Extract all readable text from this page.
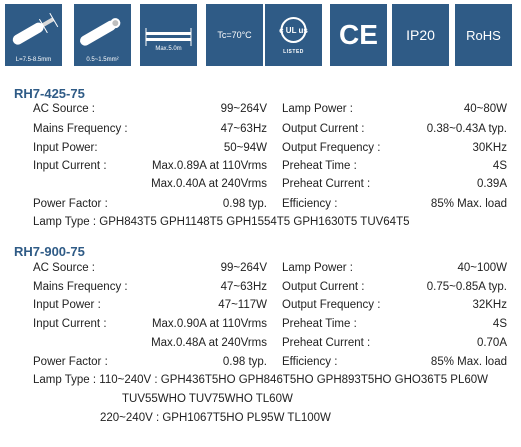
L=7.5-8.5mm	0.5~1.5mm²
Max.5.0m
Tc=70°C	c UL us
LISTED
CE	IP20	RoHS
RH7-425-75
AC Source :	99~264V Lamp Power :	40~80W
Mains Frequency :	47~63Hz Output Current :	0.38~0.43A typ.
Input Power:	50~94W Output Frequency :	30KHz
Input Current :	Max.0.89A at 110Vrms Preheat Time :	4S
Max.0.40A at 240Vrms Preheat Current :	0.39A
Power Factor :	0.98 typ. Efficiency :	85% Max. load
Lamp Type : GPH843T5 GPH1148T5 GPH1554T5 GPH1630T5 TUV64T5
RH7-900-75
AC Source :	99~264V Lamp Power :	40~100W
Mains Frequency :	47~63Hz Output Current :	0.75~0.85A typ.
Input Power :	47~117W Output Frequency :	32KHz
Input Current :	Max.0.90A at 110Vrms Preheat Time :	4S
Max.0.48A at 240Vrms Preheat Current :	0.70A
Power Factor :	0.98 typ. Efficiency :	85% Max. load
Lamp Type : 110~240V : GPH436T5HO GPH846T5HO GPH893T5HO GHO36T5 PL60W
TUV55WHO TUV75WHO TL60W
220~240V : GPH1067T5HO PL95W TL100W
